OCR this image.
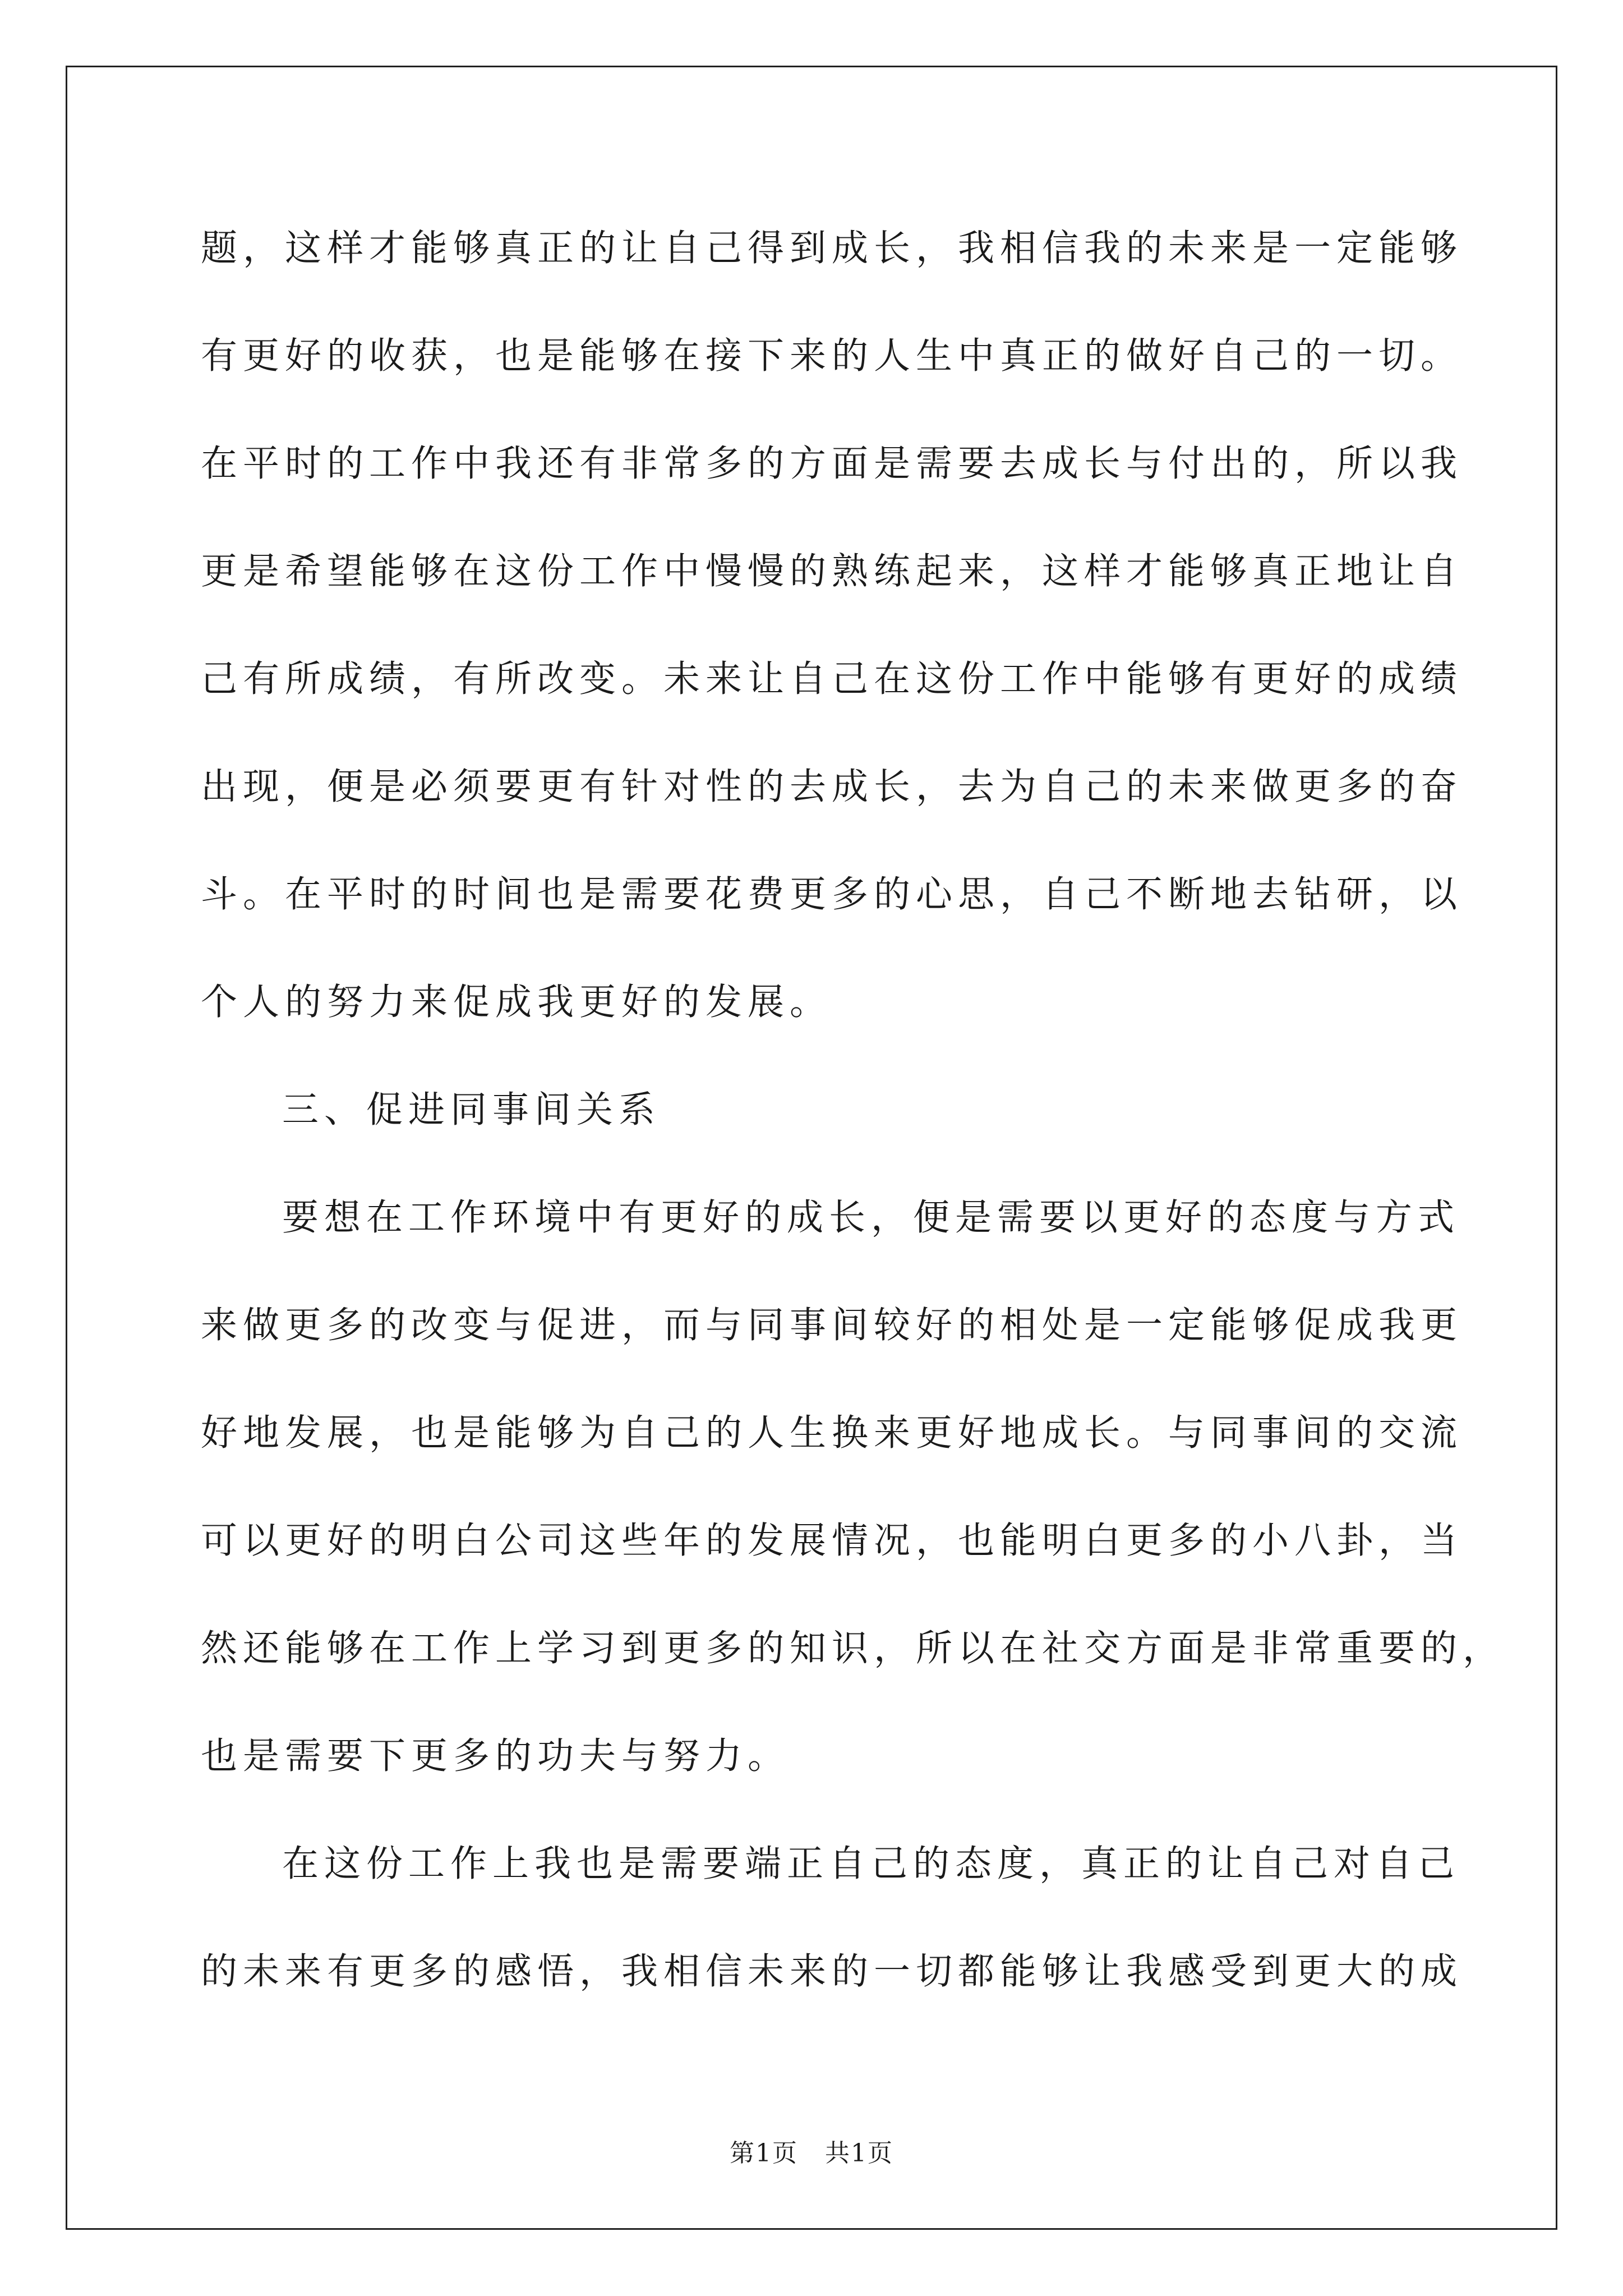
题，这样才能够真正的让自己得到成长，我相信我的未来是一定能够
有更好的收获，也是能够在接下来的人生中真正的做好自己的一切。
在平时的工作中我还有非常多的方面是需要去成长与付出的，所以我
更是希望能够在这份工作中慢慢的熟练起来，这样才能够真正地让自
己有所成绩，有所改变。未来让自己在这份工作中能够有更好的成绩
出现，便是必须要更有针对性的去成长，去为自己的未来做更多的奋
斗。在平时的时间也是需要花费更多的心思，自己不断地去钻研，以
个人的努力来促成我更好的发展。
三、促进同事间关系
要想在工作环境中有更好的成长，便是需要以更好的态度与方式
来做更多的改变与促进，而与同事间较好的相处是一定能够促成我更
好地发展，也是能够为自己的人生换来更好地成长。与同事间的交流
可以更好的明白公司这些年的发展情况，也能明白更多的小八卦，当
然还能够在工作上学习到更多的知识，所以在社交方面是非常重要的，
也是需要下更多的功夫与努力。
在这份工作上我也是需要端正自己的态度，真正的让自己对自己
的未来有更多的感悟，我相信未来的一切都能够让我感受到更大的成
第1页   共1页
